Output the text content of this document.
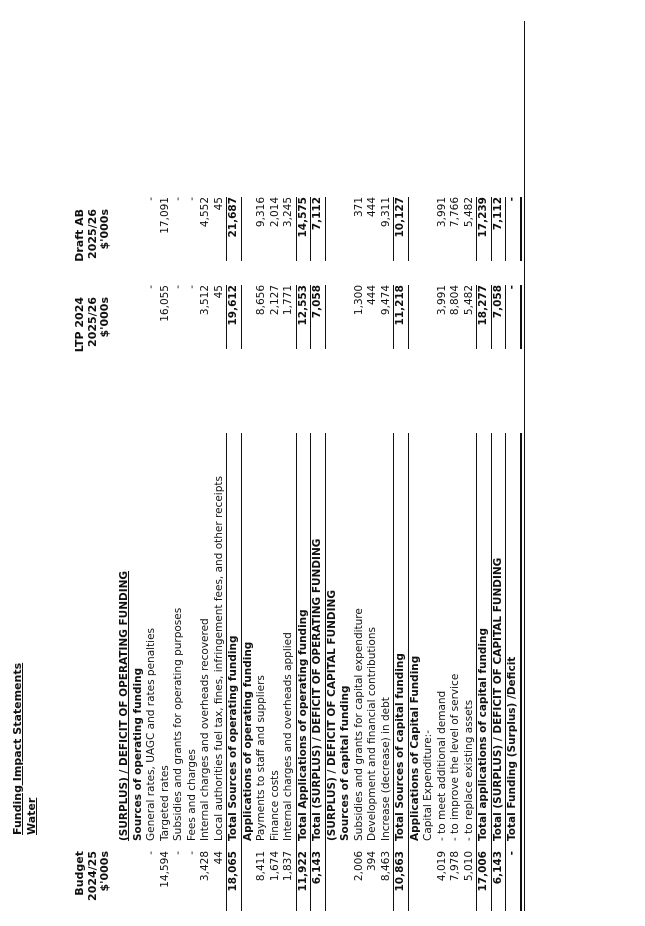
Budget 2024/25 $'000s
Funding Impact Statements Water
LTP 2024 2025/26 $'000s
Draft AB 2025/26 $'000s
(SURPLUS) / DEFICIT OF OPERATING FUNDING Sources of operating funding
-
General rates, UAGC and rates penalties
-
-
14,594
Targeted rates
16,055
17,091
-
Subsidies and grants for operating purposes
-
-
-
Fees and charges
-
-
3,428
Internal charges and overheads recovered
3,512
4,552
44
Local authorities fuel tax, fines, infringement fees, and other receipts
45
45
18,065
Total Sources of operating funding
19,612
21,687
Applications of operating funding
8,411
Payments to staff and suppliers
8,656
9,316
1,674
Finance costs
2,127
2,014
1,837
Internal charges and overheads applied
1,771
3,245
11,922
Total Applications of operating funding
12,553
14,575
6,143
Total (SURPLUS) / DEFICIT OF OPERATING FUNDING
7,058
7,112
(SURPLUS) / DEFICIT OF CAPITAL FUNDING Sources of capital funding
2,006
Subsidies and grants for capital expenditure
1,300
371
394
Development and financial contributions
444
444
8,463
Increase (decrease) in debt
9,474
9,311
10,863
Total Sources of capital funding
11,218
10,127
Applications of Capital Funding Capital Expenditure:-
4,019
- to meet additional demand
3,991
3,991
7,978
- to improve the level of service
8,804
7,766
5,010
- to replace existing assets
5,482
5,482
17,006
Total applications of capital funding
18,277
17,239
6,143
Total (SURPLUS) / DEFICIT OF CAPITAL FUNDING
7,058
7,112
-
Total Funding (Surplus) /Deficit
-
-
